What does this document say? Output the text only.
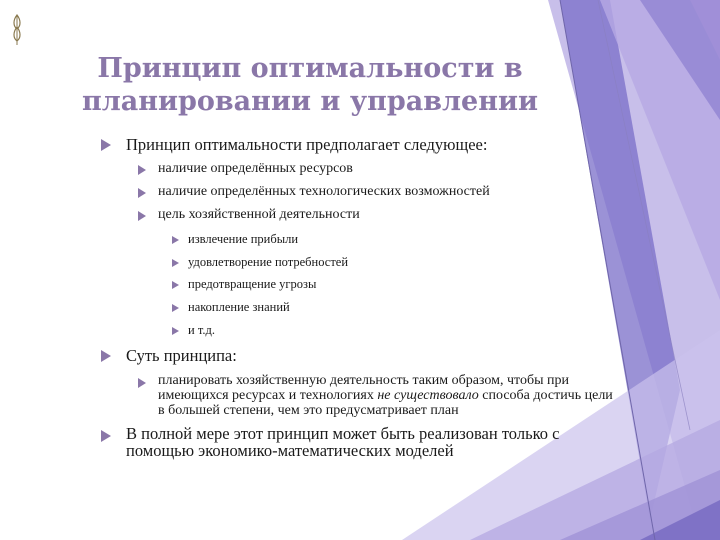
Принцип оптимальности в
планировании и управлении
Принцип оптимальности предполагает следующее:
наличие определённых ресурсов
наличие определённых технологических возможностей
цель хозяйственной деятельности
извлечение прибыли
удовлетворение потребностей
предотвращение угрозы
накопление знаний
и т.д.
Суть принципа:
планировать хозяйственную деятельность таким образом, чтобы при
имеющихся ресурсах и технологиях не существовало способа достичь цели
в большей степени, чем это предусматривает план
В полной мере этот принцип может быть реализован только с
помощью экономико-математических моделей
